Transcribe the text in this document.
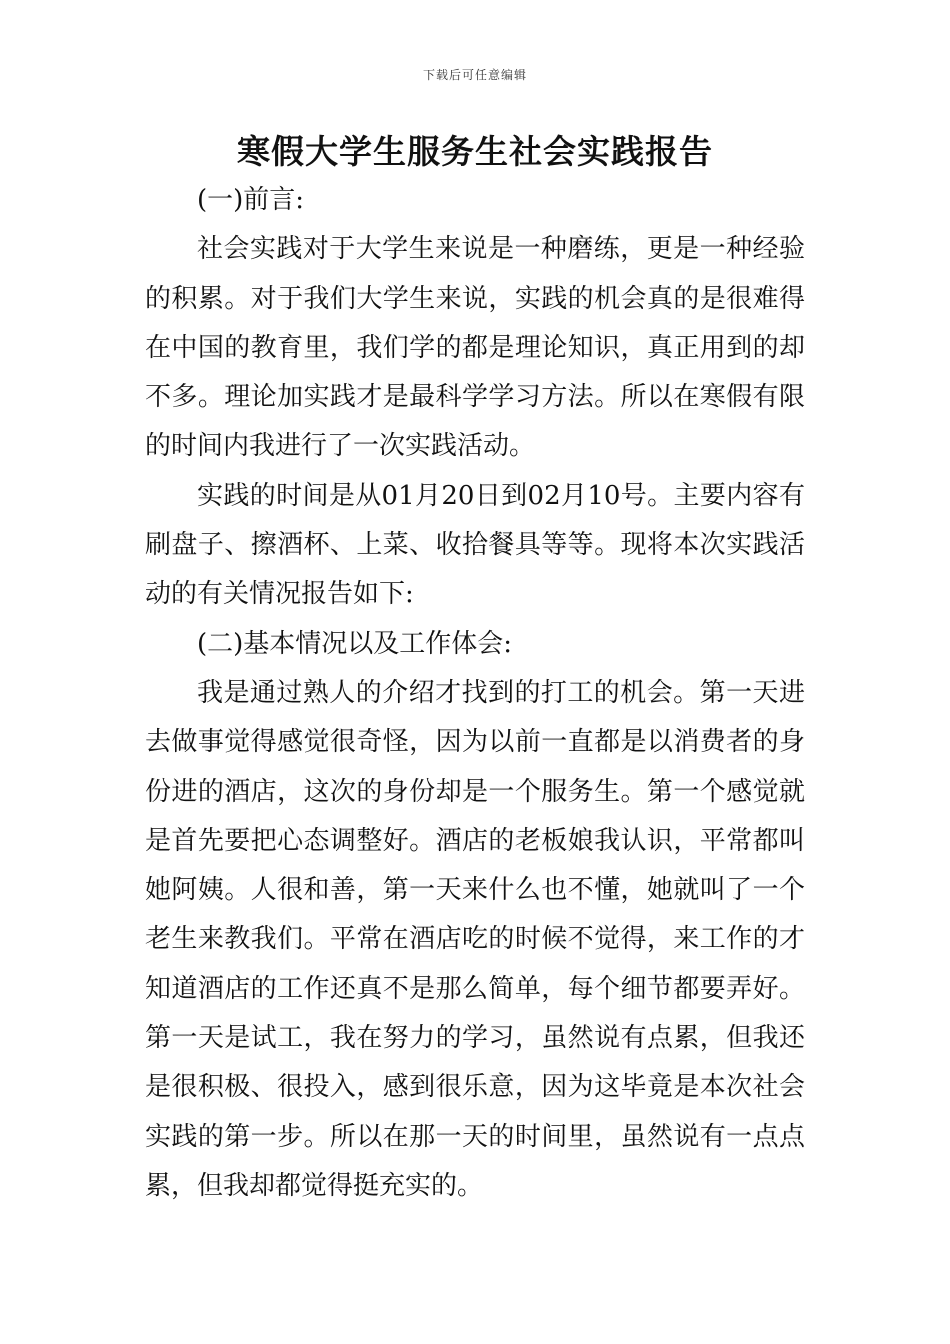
下载后可任意编辑
寒假大学生服务生社会实践报告

(一)前言:

社会实践对于大学生来说是一种磨练，更是一种经验的积累。对于我们大学生来说，实践的机会真的是很难得在中国的教育里，我们学的都是理论知识，真正用到的却不多。理论加实践才是最科学学习方法。所以在寒假有限的时间内我进行了一次实践活动。

实践的时间是从01月20日到02月10号。主要内容有刷盘子、擦酒杯、上菜、收拾餐具等等。现将本次实践活动的有关情况报告如下:

(二)基本情况以及工作体会:

我是通过熟人的介绍才找到的打工的机会。第一天进去做事觉得感觉很奇怪，因为以前一直都是以消费者的身份进的酒店，这次的身份却是一个服务生。第一个感觉就是首先要把心态调整好。酒店的老板娘我认识，平常都叫她阿姨。人很和善，第一天来什么也不懂，她就叫了一个老生来教我们。平常在酒店吃的时候不觉得，来工作的才知道酒店的工作还真不是那么简单，每个细节都要弄好。第一天是试工，我在努力的学习，虽然说有点累，但我还是很积极、很投入，感到很乐意，因为这毕竟是本次社会实践的第一步。所以在那一天的时间里，虽然说有一点点累，但我却都觉得挺充实的。
